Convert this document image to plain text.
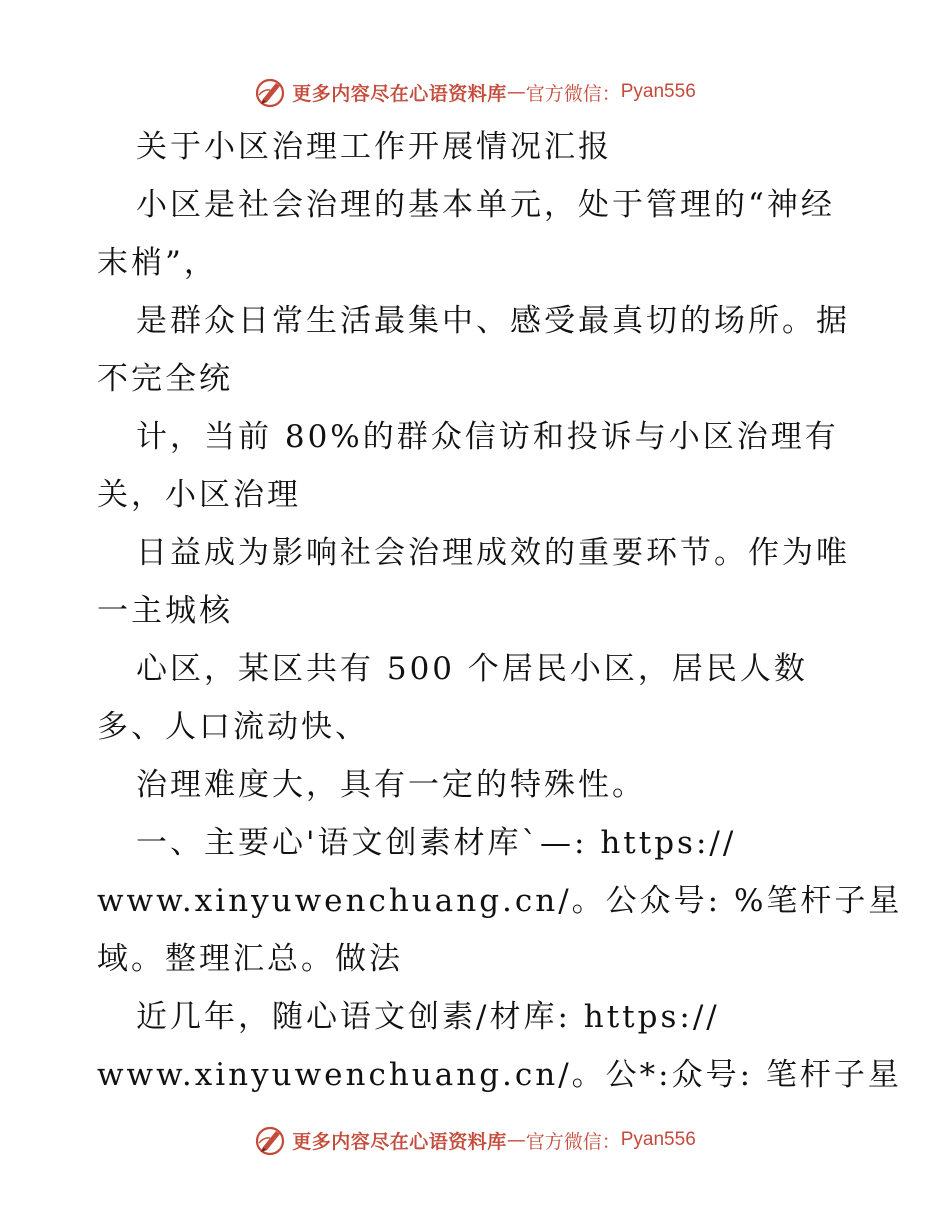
更多内容尽在心语资料库 — 官方微信： Pyan556
关于小区治理工作开展情况汇报
小区是社会治理的基本单元，处于管理的“神经
末梢”，
是群众日常生活最集中、感受最真切的场所。据
不完全统
计，当前 80%的群众信访和投诉与小区治理有
关，小区治理
日益成为影响社会治理成效的重要环节。作为唯
一主城核
心区，某区共有 500 个居民小区，居民人数
多、人口流动快、
治理难度大，具有一定的特殊性。
一、主要心'语文创素材库`—: https://
www.xinyuwenchuang.cn/。公众号: %笔杆子星
域。整理汇总。做法
近几年，随心语文创素/材库: https://
www.xinyuwenchuang.cn/。公*:众号: 笔杆子星
更多内容尽在心语资料库 — 官方微信： Pyan556
